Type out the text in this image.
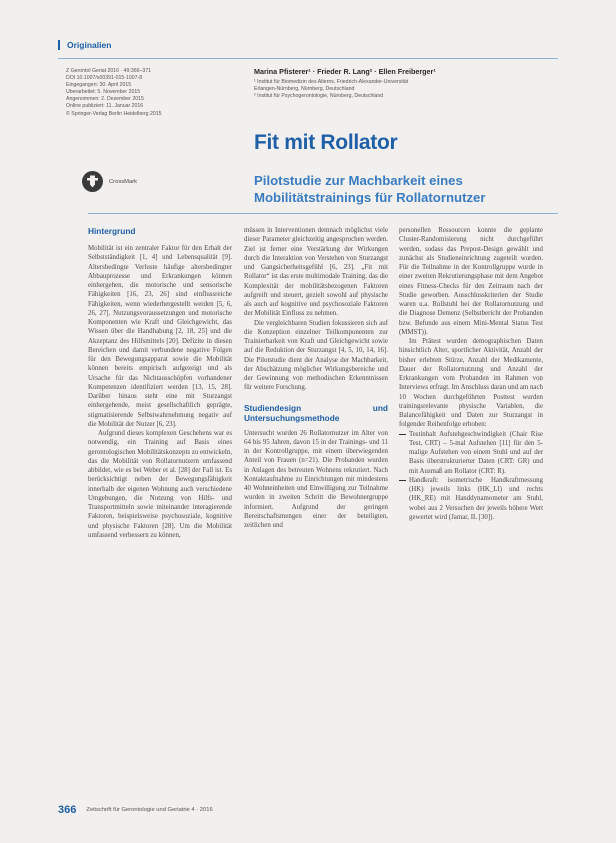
Originalien
Z Gerontol Geriat 2016 · 49:366–371
DOI 10.1007/s00391-015-1007-8
Eingegangen: 30. April 2015
Überarbeitet: 5. November 2015
Angenommen: 2. Dezember 2015
Online publiziert: 11. Januar 2016
© Springer-Verlag Berlin Heidelberg 2015
Marina Pfisterer¹ · Frieder R. Lang² · Ellen Freiberger¹
¹ Institut für Biomedizin des Alterns, Friedrich-Alexander-Universität
Erlangen-Nürnberg, Nürnberg, Deutschland
² Institut für Psychogerontologie, Nürnberg, Deutschland
Fit mit Rollator
Pilotstudie zur Machbarkeit eines Mobilitätstrainings für Rollatornutzer
CrossMark
Hintergrund

Mobilität ist ein zentraler Faktor für den Erhalt der Selbstständigkeit [1, 4] und Lebensqualität [9]. Altersbedingte Verluste häufige altersbedingter Abbauprozesse und Erkrankungen können einhergehen, die motorische und sensorische Fähigkeiten [16, 23, 26] sind einflussreiche Fähigkeiten, wenn wiederhergestellt werden [5, 6, 26, 27]. Nutzungsvoraussetzungen und motorische Komponenten wie Kraft und Gleichgewicht, das Wissen über die Handhabung [2, 18, 25] und die Akzeptanz des Hilfsmittels [20]. Defizite in diesen Bereichen und damit verbundene negative Folgen für den Bewegungsapparat sowie die Mobilität können bereits empirisch aufgezeigt und als Ursache für das Nichtausschöpfen vorhandener Kompetenzen identifiziert werden [13, 15, 28]. Darüber hinaus steht eine mit Sturzangst einhergehende, meist gesellschaftlich geprägte, stigmatisierende Selbstwahrnehmung negativ auf die Mobilität der Nutzer [6, 23].

Aufgrund dieses komplexen Geschehens war es notwendig, ein Training auf Basis eines gerontologischen Mobilitätskonzepts zu entwickeln, das die Mobilität von Rollatornutzern umfassend abbildet, wie es bei Weber et al. [28] der Fall ist. Es berücksichtigt neben der Bewegungsfähigkeit innerhalb der eigenen Wohnung auch verschiedene Umgebungen, die Nutzung von Hilfs- und Transportmitteln sowie miteinander interagierende Faktoren, beispielsweise psychosoziale, kognitive und physische Faktoren [28]. Um die Mobilität umfassend verbessern zu können,

müssen in Interventionen demnach möglichst viele dieser Parameter gleichzeitig angesprochen werden. Ziel ist ferner eine Verstärkung der Wirkungen durch die Interaktion von Verstehen von Sturzangst und Gangsicherheitsgefühl [6, 23]. „Fit mit Rollator“ ist das erste multimodale Training, das die Komplexität der mobilitätsbezogenen Faktoren aufgreift und steuert, gezielt sowohl auf physische als auch auf kognitive und psychosoziale Faktoren der Mobilität Einfluss zu nehmen.

Die vergleichbaren Studien fokussieren sich auf die Konzeption einzelner Teilkomponenten zur Trainierbarkeit von Kraft und Gleichgewicht sowie auf die Reduktion der Sturzangst [4, 5, 10, 14, 16]. Die Pilotstudie dient der Analyse der Machbarkeit, der Abschätzung möglicher Wirkungsbereiche und der Gewinnung von methodischen Erkenntnissen für weitere Forschung.

Studiendesign und Untersuchungsmethode

Untersucht wurden 26 Rollatornutzer im Alter von 64 bis 95 Jahren, davon 15 in der Trainings- und 11 in der Kontrollgruppe, mit einem überwiegenden Anteil von Frauen (n=21). Die Probanden wurden in Anlagen des betreuten Wohnens rekrutiert. Nach Kontaktaufnahme zu Einrichtungen mit mindestens 40 Wohneinheiten und Einwilligung zur Teilnahme wurden in zweiten Schritt die Bewohnergruppe informiert. Aufgrund der geringen Bereitschaftsmengen einer der beteiligten, zeitlichen und

personellen Ressourcen konnte die geplante Cluster-Randomisierung nicht durchgeführt werden, sodass das Prepost-Design gewählt und zunächst als Studieneinrichtung zugeteilt wurden. Für die Teilnahme in der Kontrollgruppe wurde in einer zweiten Rekrutierungsphase mit dem Angebot eines Fitness-Checks für den Zeitraum nach der Studie geworben. Ausschlusskriterien der Studie waren u.a. Rollstuhl bei der Rollatornutzung und die Diagnose Demenz (Selbstbericht der Probanden bzw. Befunde aus einem Mini-Mental Status Test (MMST)).

Im Prätest wurden demographischen Daten hinsichtlich Alter, sportlicher Aktivität, Anzahl der bisher erlebten Stürze, Anzahl der Medikamente, Dauer der Rollatornutzung und Anzahl der Erkrankungen vom Probanden im Rahmen von Interviews erfragt. Im Anschluss daran und am nach 10 Wochen durchgeführten Posttest wurden trainingsrelevante physische Variablen, die Balancefähigkeit und Daten zur Sturzangst in folgender Reihenfolge erhoben:

Testinhalt Aufstehgeschwindigkeit (Chair Rise Test, CRT) – 5-mal Aufstehen [11] für den 5-malige Aufstehen von einem Stuhl und auf der Basis überstrukturierter Daten (CRT: GR) und mit Ausmaß am Rollator (CRT: R).
Handkraft: isometrische Handkraftmessung (HK) jeweils links (HK_LI) und rechts (HK_RE) mit Handdynamometer am Stuhl, wobei aus 2 Versuchen der jeweils höhere Wert gewertet wird (Jamar, IL [30]).
366 Zeitschrift für Gerontologie und Geriatrie 4 · 2016
